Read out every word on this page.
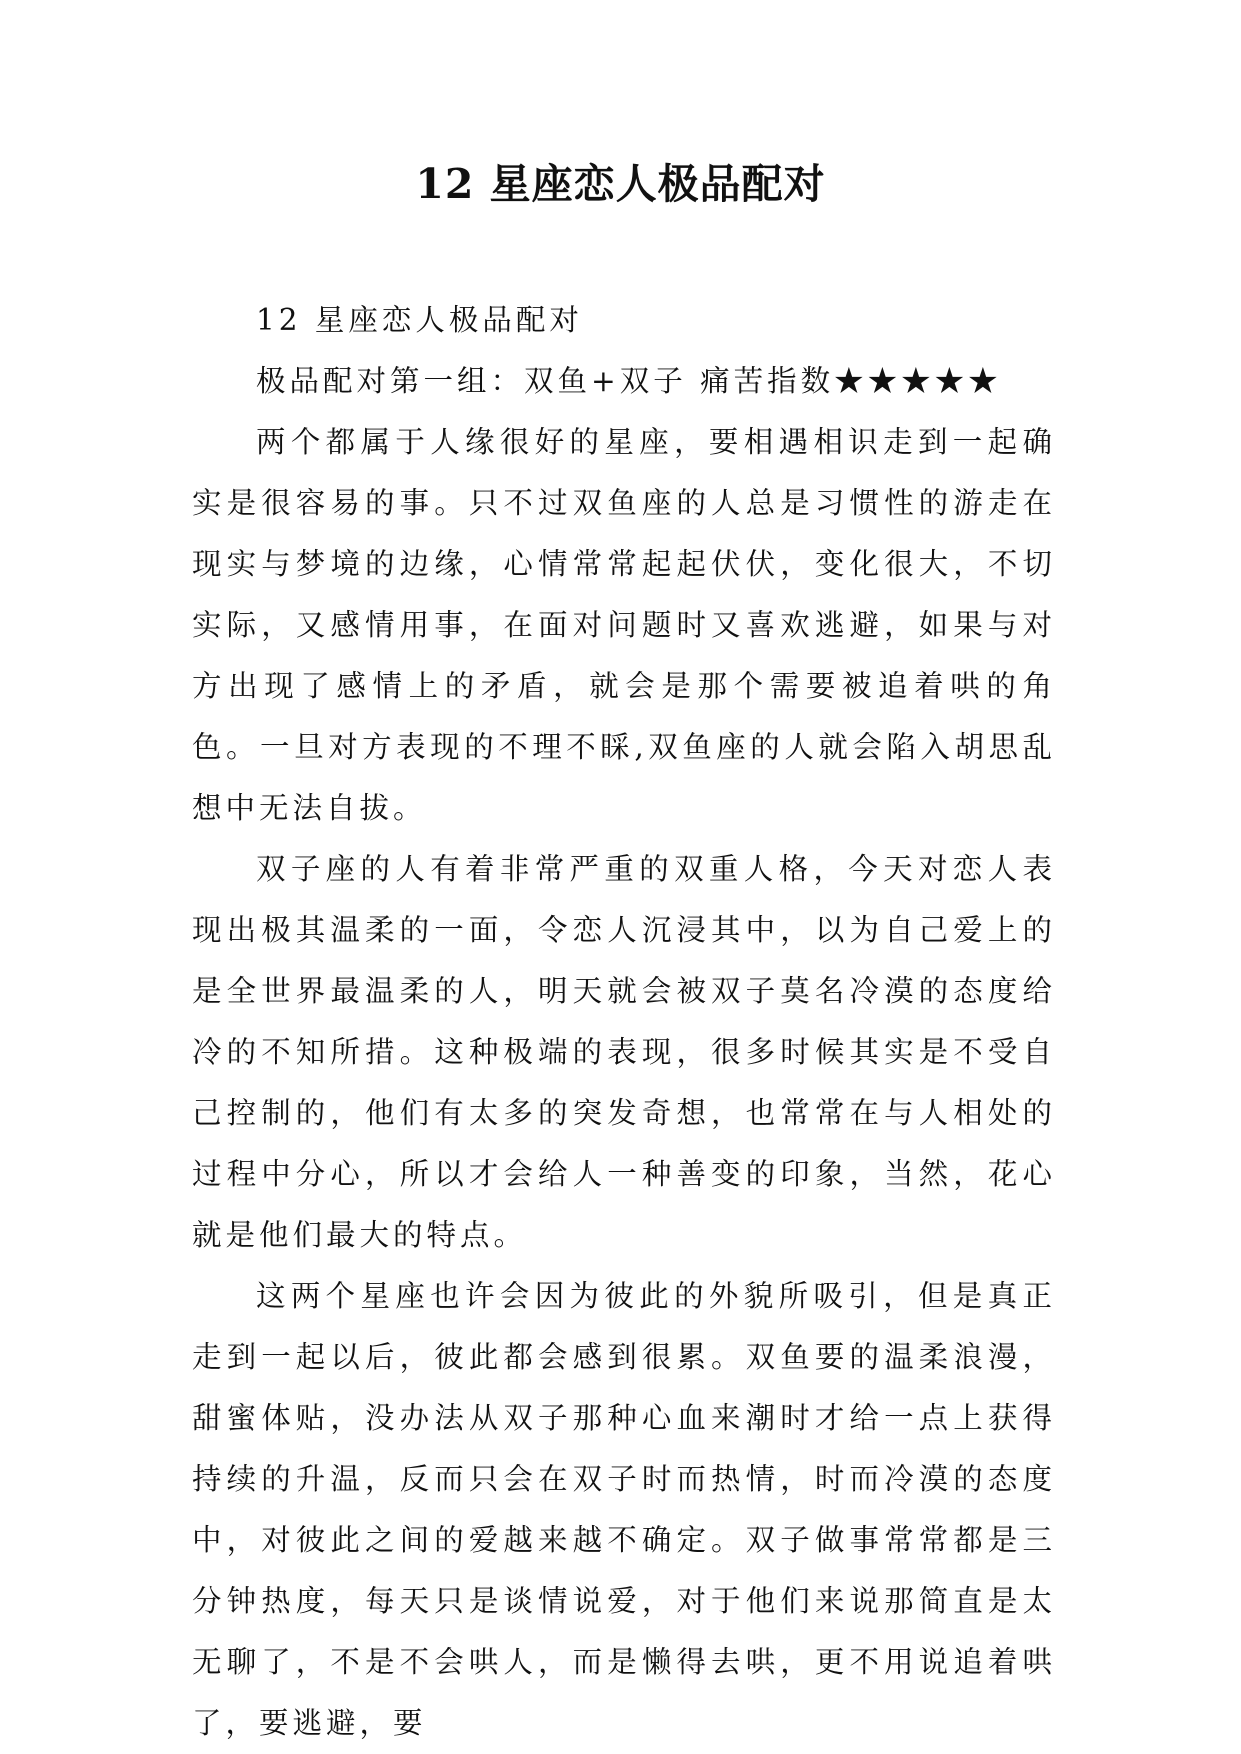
12 星座恋人极品配对

12 星座恋人极品配对

极品配对第一组：双鱼+双子 痛苦指数★★★★★

两个都属于人缘很好的星座，要相遇相识走到一起确实是很容易的事。只不过双鱼座的人总是习惯性的游走在现实与梦境的边缘，心情常常起起伏伏，变化很大，不切实际，又感情用事，在面对问题时又喜欢逃避，如果与对方出现了感情上的矛盾，就会是那个需要被追着哄的角色。一旦对方表现的不理不睬,双鱼座的人就会陷入胡思乱想中无法自拔。

双子座的人有着非常严重的双重人格，今天对恋人表现出极其温柔的一面，令恋人沉浸其中，以为自己爱上的是全世界最温柔的人，明天就会被双子莫名冷漠的态度给冷的不知所措。这种极端的表现，很多时候其实是不受自己控制的，他们有太多的突发奇想，也常常在与人相处的过程中分心，所以才会给人一种善变的印象，当然，花心就是他们最大的特点。

这两个星座也许会因为彼此的外貌所吸引，但是真正走到一起以后，彼此都会感到很累。双鱼要的温柔浪漫，甜蜜体贴，没办法从双子那种心血来潮时才给一点上获得持续的升温，反而只会在双子时而热情，时而冷漠的态度中，对彼此之间的爱越来越不确定。双子做事常常都是三分钟热度，每天只是谈情说爱，对于他们来说那简直是太无聊了，不是不会哄人，而是懒得去哄，更不用说追着哄了，要逃避，要
